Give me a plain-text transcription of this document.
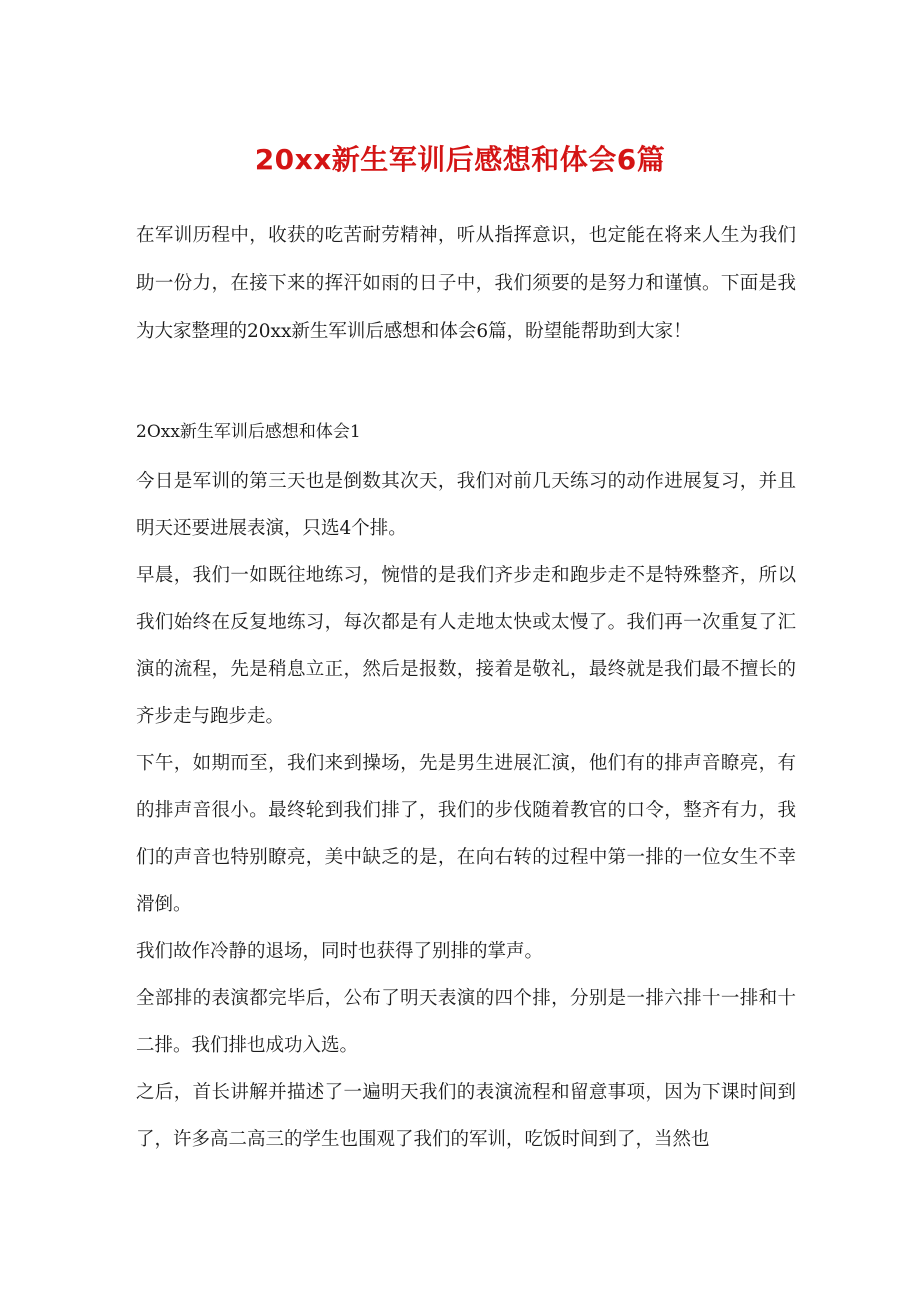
20xx新生军训后感想和体会6篇

在军训历程中，收获的吃苦耐劳精神，听从指挥意识，也定能在将来人生为我们助一份力，在接下来的挥汗如雨的日子中，我们须要的是努力和谨慎。下面是我为大家整理的20xx新生军训后感想和体会6篇，盼望能帮助到大家！

2Oxx新生军训后感想和体会1

今日是军训的第三天也是倒数其次天，我们对前几天练习的动作进展复习，并且明天还要进展表演，只选4个排。

早晨，我们一如既往地练习，惋惜的是我们齐步走和跑步走不是特殊整齐，所以我们始终在反复地练习，每次都是有人走地太快或太慢了。我们再一次重复了汇演的流程，先是稍息立正，然后是报数，接着是敬礼，最终就是我们最不擅长的齐步走与跑步走。

下午，如期而至，我们来到操场，先是男生进展汇演，他们有的排声音瞭亮，有的排声音很小。最终轮到我们排了，我们的步伐随着教官的口令，整齐有力，我们的声音也特别瞭亮，美中缺乏的是，在向右转的过程中第一排的一位女生不幸滑倒。

我们故作冷静的退场，同时也获得了别排的掌声。

全部排的表演都完毕后，公布了明天表演的四个排，分别是一排六排十一排和十二排。我们排也成功入选。

之后，首长讲解并描述了一遍明天我们的表演流程和留意事项，因为下课时间到了，许多高二高三的学生也围观了我们的军训，吃饭时间到了，当然也
